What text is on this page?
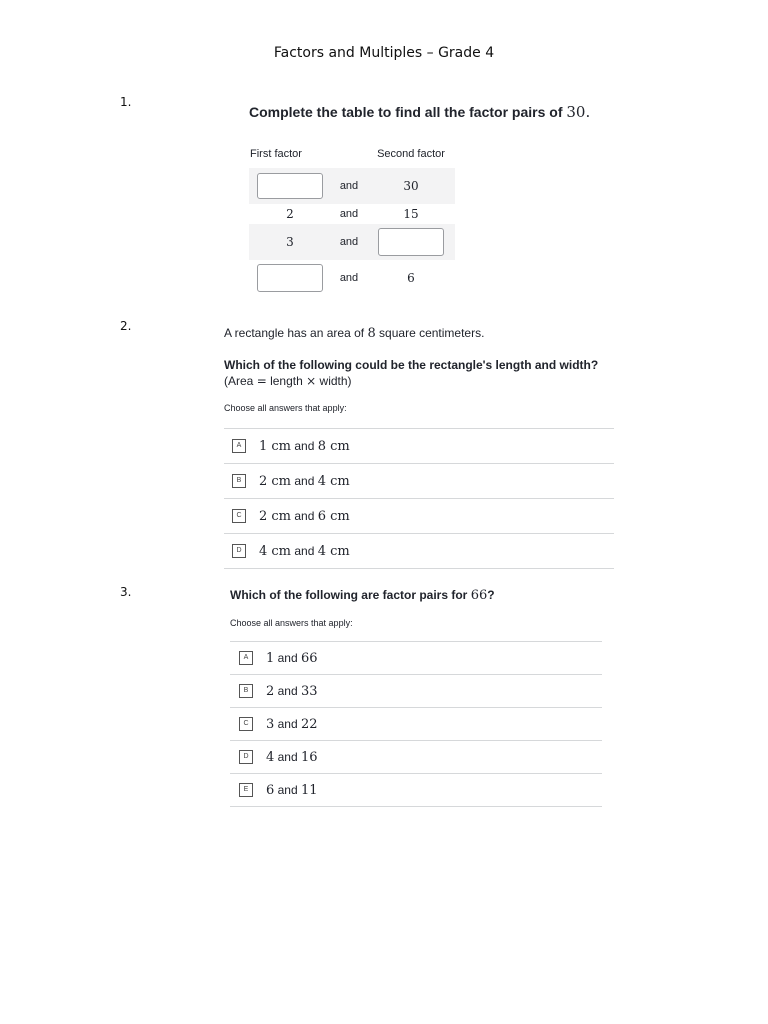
Factors and Multiples – Grade 4
1.
Complete the table to find all the factor pairs of 30.
First factor		Second factor
	and	30
2	and	15
3	and	
	and	6
2.	A rectangle has an area of 8 square centimeters.
Which of the following could be the rectangle's length and width?
(Area = length × width)
Choose all answers that apply:
A	1 cm and 8 cm
B	2 cm and 4 cm
C	2 cm and 6 cm
D	4 cm and 4 cm
3.	Which of the following are factor pairs for 66?
Choose all answers that apply:
A	1 and 66
B	2 and 33
C	3 and 22
D	4 and 16
E	6 and 11
